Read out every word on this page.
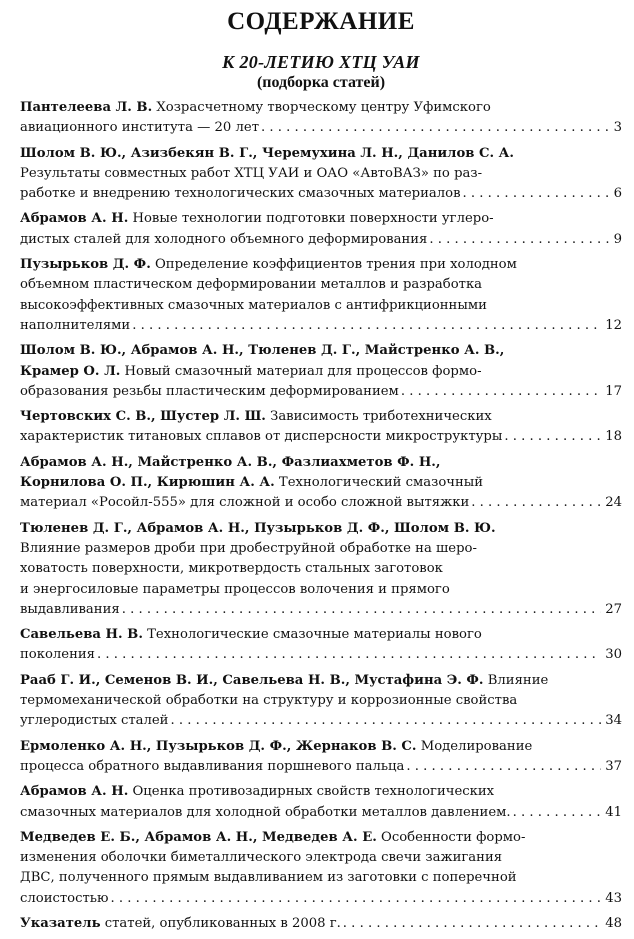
СОДЕРЖАНИЕ
К 20-ЛЕТИЮ ХТЦ УАИ
(подборка статей)
Пантелеева Л. В. Хозрасчетному творческому центру Уфимского
авиационного института — 20 лет . . .	3
Шолом В. Ю., Азизбекян В. Г., Черемухина Л. Н., Данилов С. А.
Результаты совместных работ ХТЦ УАИ и ОАО «АвтоВАЗ» по раз-
работке и внедрению технологических смазочных материалов . . .	6
Абрамов А. Н. Новые технологии подготовки поверхности углеро-
дистых сталей для холодного объемного деформирования . . .	9
Пузырьков Д. Ф. Определение коэффициентов трения при холодном
объемном пластическом деформировании металлов и разработка
высокоэффективных смазочных материалов с антифрикционными
наполнителями . . .	12
Шолом В. Ю., Абрамов А. Н., Тюленев Д. Г., Майстренко А. В.,
Крамер О. Л. Новый смазочный материал для процессов формо-
образования резьбы пластическим деформированием . . .	17
Чертовских С. В., Шустер Л. Ш. Зависимость триботехнических
характеристик титановых сплавов от дисперсности микроструктуры . . .	18
Абрамов А. Н., Майстренко А. В., Фазлиахметов Ф. Н.,
Корнилова О. П., Кирюшин А. А. Технологический смазочный
материал «Росойл-555» для сложной и особо сложной вытяжки . . .	24
Тюленев Д. Г., Абрамов А. Н., Пузырьков Д. Ф., Шолом В. Ю.
Влияние размеров дроби при дробеструйной обработке на шеро-
ховатость поверхности, микротвердость стальных заготовок
и энергосиловые параметры процессов волочения и прямого
выдавливания . . .	27
Савельева Н. В. Технологические смазочные материалы нового
поколения . . .	30
Рааб Г. И., Семенов В. И., Савельева Н. В., Мустафина Э. Ф. Влияние
термомеханической обработки на структуру и коррозионные свойства
углеродистых сталей . . .	34
Ермоленко А. Н., Пузырьков Д. Ф., Жернаков В. С. Моделирование
процесса обратного выдавливания поршневого пальца . . .	37
Абрамов А. Н. Оценка противозадирных свойств технологических
смазочных материалов для холодной обработки металлов давлением. . . .	41
Медведев Е. Б., Абрамов А. Н., Медведев А. Е. Особенности формо-
изменения оболочки биметаллического электрода свечи зажигания
ДВС, полученного прямым выдавливанием из заготовки с поперечной
слоистостью . . .	43
Указатель статей, опубликованных в 2008 г. . . .	48
